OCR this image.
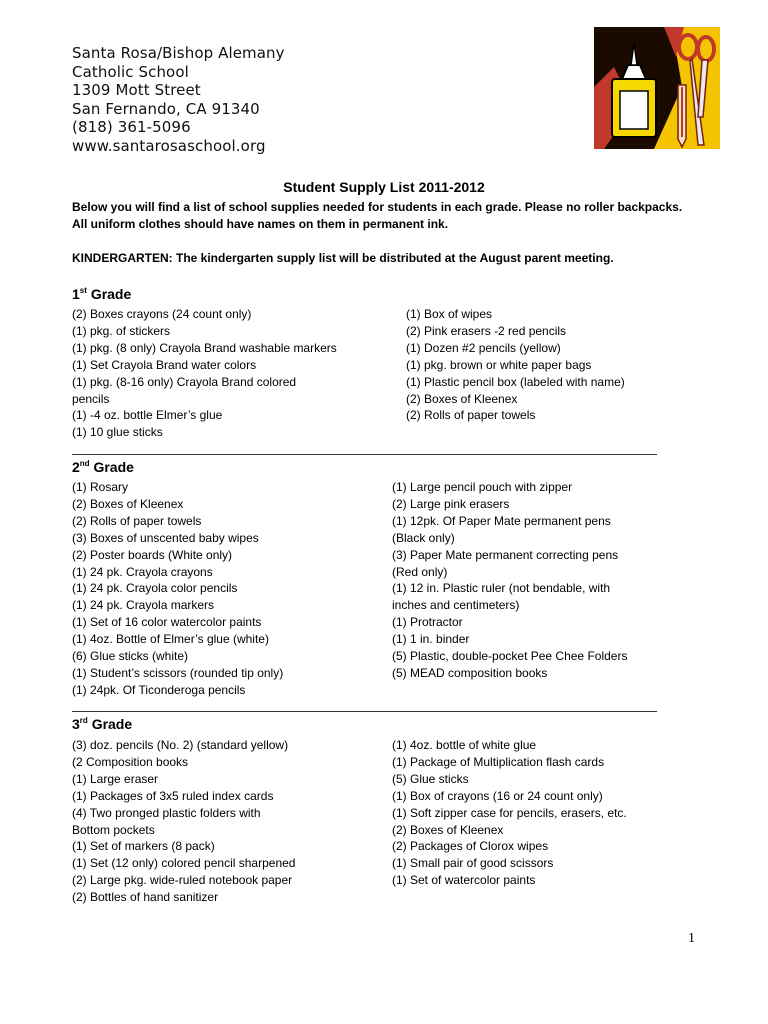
Santa Rosa/Bishop Alemany
Catholic School
1309 Mott Street
San Fernando, CA 91340
(818) 361-5096
www.santarosaschool.org
Student Supply List 2011-2012
Below you will find a list of school supplies needed for students in each grade. Please no roller backpacks.
All uniform clothes should have names on them in permanent ink.
KINDERGARTEN: The kindergarten supply list will be distributed at the August parent meeting.
1st Grade
(2) Boxes crayons (24 count only)
(1) pkg. of stickers
(1) pkg. (8 only) Crayola Brand washable markers
(1) Set Crayola Brand water colors
(1) pkg. (8-16 only) Crayola Brand colored
pencils
(1) -4 oz. bottle Elmer’s glue
(1) 10 glue sticks
(1) Box of wipes
(2) Pink erasers -2 red pencils
(1) Dozen #2 pencils (yellow)
(1) pkg. brown or white paper bags
(1) Plastic pencil box (labeled with name)
(2) Boxes of Kleenex
(2) Rolls of paper towels
2nd Grade
(1) Rosary
(2) Boxes of Kleenex
(2) Rolls of paper towels
(3) Boxes of unscented baby wipes
(2) Poster boards (White only)
(1) 24 pk. Crayola crayons
(1) 24 pk. Crayola color pencils
(1) 24 pk. Crayola markers
(1) Set of 16 color watercolor paints
(1) 4oz. Bottle of Elmer’s glue (white)
(6) Glue sticks (white)
(1) Student’s scissors (rounded tip only)
(1) 24pk. Of Ticonderoga pencils
(1) Large pencil pouch with zipper
(2) Large pink erasers
(1) 12pk. Of Paper Mate permanent pens
(Black only)
(3) Paper Mate permanent correcting pens
(Red only)
(1) 12 in. Plastic ruler (not bendable, with
inches and centimeters)
(1) Protractor
(1) 1 in. binder
(5) Plastic, double-pocket Pee Chee Folders
(5) MEAD composition books
3rd Grade
(3) doz. pencils (No. 2) (standard yellow)
(2 Composition books
(1) Large eraser
(1) Packages of 3x5 ruled index cards
(4) Two pronged plastic folders with
Bottom pockets
(1) Set of markers (8 pack)
(1) Set (12 only) colored pencil sharpened
(2) Large pkg. wide-ruled notebook paper
(2) Bottles of hand sanitizer
(1) 4oz. bottle of white glue
(1) Package of Multiplication flash cards
(5) Glue sticks
(1) Box of crayons (16 or 24 count only)
(1) Soft zipper case for pencils, erasers, etc.
(2) Boxes of Kleenex
(2) Packages of Clorox wipes
(1) Small pair of good scissors
(1) Set of watercolor paints
1
